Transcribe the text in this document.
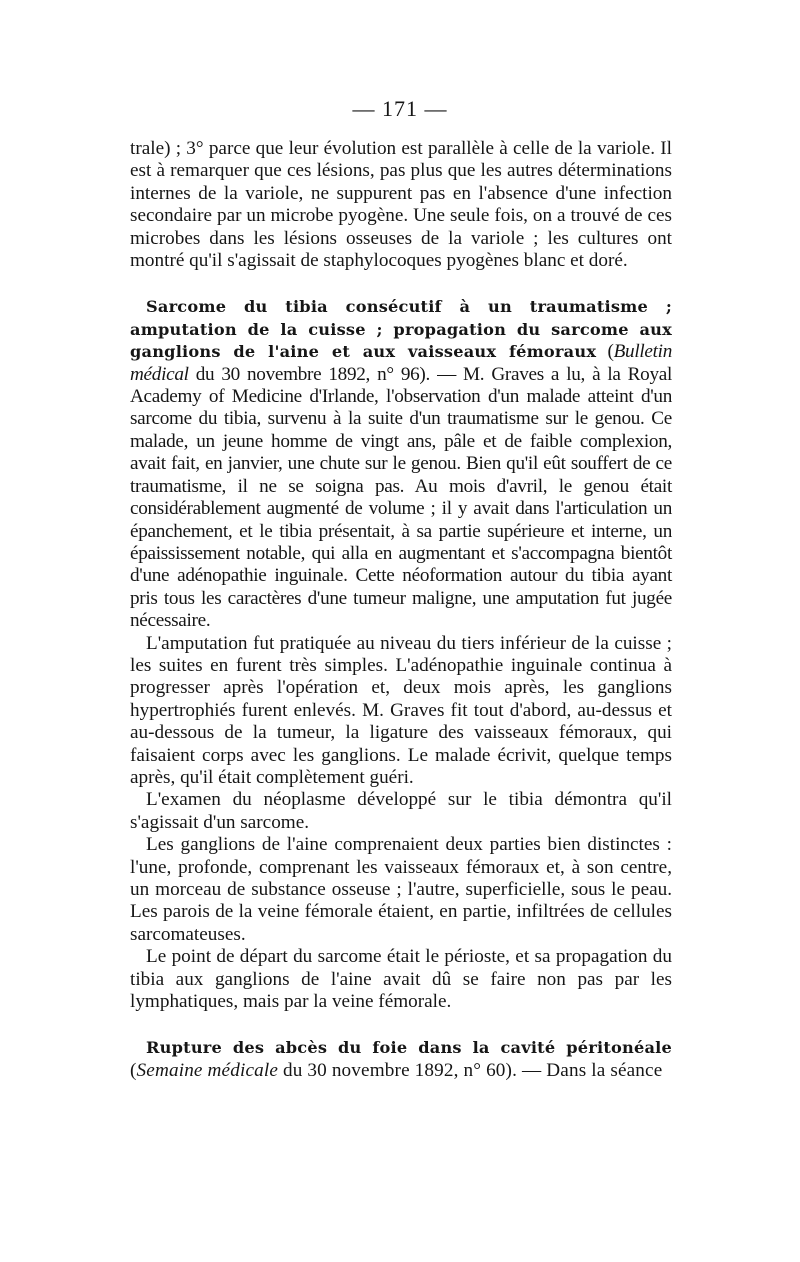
— 171 —

trale) ; 3° parce que leur évolution est parallèle à celle de la variole. Il est à remarquer que ces lésions, pas plus que les autres déterminations internes de la variole, ne suppurent pas en l'absence d'une infection secondaire par un microbe pyogène. Une seule fois, on a trouvé de ces microbes dans les lésions osseuses de la variole ; les cultures ont montré qu'il s'agissait de staphylocoques pyogènes blanc et doré.

Sarcome du tibia consécutif à un traumatisme ; amputation de la cuisse ; propagation du sarcome aux ganglions de l'aine et aux vaisseaux fémoraux (Bulletin médical du 30 novembre 1892, n° 96). — M. Graves a lu, à la Royal Academy of Medicine d'Irlande, l'observation d'un malade atteint d'un sarcome du tibia, survenu à la suite d'un traumatisme sur le genou. Ce malade, un jeune homme de vingt ans, pâle et de faible complexion, avait fait, en janvier, une chute sur le genou. Bien qu'il eût souffert de ce traumatisme, il ne se soigna pas. Au mois d'avril, le genou était considérablement augmenté de volume ; il y avait dans l'articulation un épanchement, et le tibia présentait, à sa partie supérieure et interne, un épaississement notable, qui alla en augmentant et s'accompagna bientôt d'une adénopathie inguinale. Cette néoformation autour du tibia ayant pris tous les caractères d'une tumeur maligne, une amputation fut jugée nécessaire.

L'amputation fut pratiquée au niveau du tiers inférieur de la cuisse ; les suites en furent très simples. L'adénopathie inguinale continua à progresser après l'opération et, deux mois après, les ganglions hypertrophiés furent enlevés. M. Graves fit tout d'abord, au-dessus et au-dessous de la tumeur, la ligature des vaisseaux fémoraux, qui faisaient corps avec les ganglions. Le malade écrivit, quelque temps après, qu'il était complètement guéri.

L'examen du néoplasme développé sur le tibia démontra qu'il s'agissait d'un sarcome.

Les ganglions de l'aine comprenaient deux parties bien distinctes : l'une, profonde, comprenant les vaisseaux fémoraux et, à son centre, un morceau de substance osseuse ; l'autre, superficielle, sous le peau. Les parois de la veine fémorale étaient, en partie, infiltrées de cellules sarcomateuses.

Le point de départ du sarcome était le périoste, et sa propagation du tibia aux ganglions de l'aine avait dû se faire non pas par les lymphatiques, mais par la veine fémorale.

Rupture des abcès du foie dans la cavité péritonéale (Semaine médicale du 30 novembre 1892, n° 60). — Dans la séance
